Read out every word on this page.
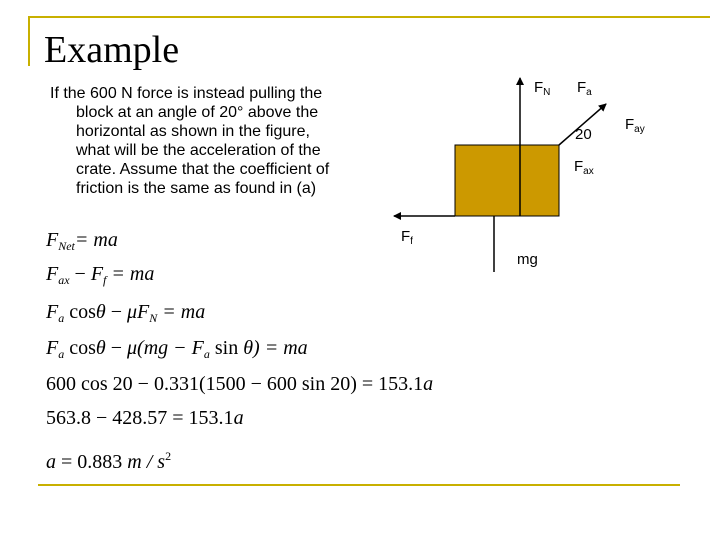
Example
If the 600 N force is instead pulling the
block at an angle of 20° above the
horizontal as shown in the figure,
what will be the acceleration of the
crate. Assume that the coefficient of
friction is the same as found in (a)
$F_N$ $F_a$
$F_{ay}$
20
$F_{ax}$
$F_f$
mg
$F_{Net}=$ ma
$F_{ax} - F_f$ = ma
$F_a$ $\cos\theta - \mu F_N$ = ma
$F_a$ $\cos\theta - \mu(mg - F_a$ sin θ) = ma
600 cos 20 − 0.331(1500 − 600 sin 20) = 153.1a
563.8 − 428.57 = 153.1a
a = 0.883 m / $s^2$
